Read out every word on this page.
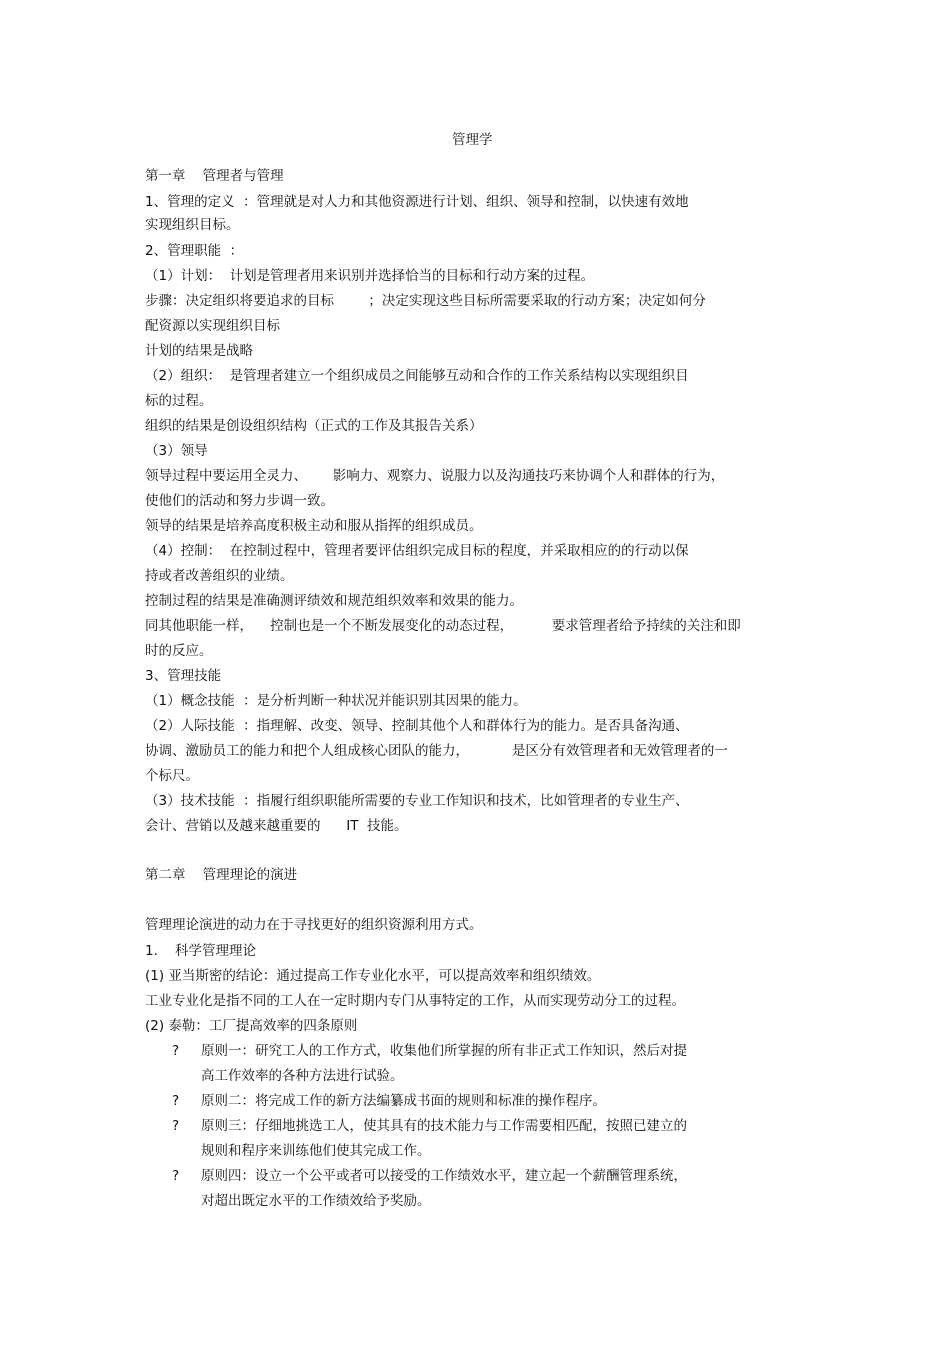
管理学
第一章    管理者与管理
1、管理的定义  ：管理就是对人力和其他资源进行计划、组织、领导和控制，以快速有效地
实现组织目标。
2、管理职能  ：
（1）计划：  计划是管理者用来识别并选择恰当的目标和行动方案的过程。
步骤：决定组织将要追求的目标        ；决定实现这些目标所需要采取的行动方案；决定如何分
配资源以实现组织目标
计划的结果是战略
（2）组织：  是管理者建立一个组织成员之间能够互动和合作的工作关系结构以实现组织目
标的过程。
组织的结果是创设组织结构（正式的工作及其报告关系）
（3）领导
领导过程中要运用全灵力、      影响力、观察力、说服力以及沟通技巧来协调个人和群体的行为，
使他们的活动和努力步调一致。
领导的结果是培养高度积极主动和服从指挥的组织成员。
（4）控制：  在控制过程中，管理者要评估组织完成目标的程度，并采取相应的的行动以保
持或者改善组织的业绩。
控制过程的结果是准确测评绩效和规范组织效率和效果的能力。
同其他职能一样，    控制也是一个不断发展变化的动态过程，         要求管理者给予持续的关注和即
时的反应。
3、管理技能
（1）概念技能  ：是分析判断一种状况并能识别其因果的能力。
（2）人际技能  ：指理解、改变、领导、控制其他个人和群体行为的能力。是否具备沟通、
协调、激励员工的能力和把个人组成核心团队的能力，          是区分有效管理者和无效管理者的一
个标尺。
（3）技术技能  ：指履行组织职能所需要的专业工作知识和技术，比如管理者的专业生产、
会计、营销以及越来越重要的      IT  技能。
第二章    管理理论的演进
管理理论演进的动力在于寻找更好的组织资源利用方式。
1.    科学管理理论
(1) 亚当斯密的结论：通过提高工作专业化水平，可以提高效率和组织绩效。
工业专业化是指不同的工人在一定时期内专门从事特定的工作，从而实现劳动分工的过程。
(2) 泰勒：工厂提高效率的四条原则
? 原则一：研究工人的工作方式，收集他们所掌握的所有非正式工作知识，然后对提
高工作效率的各种方法进行试验。
? 原则二：将完成工作的新方法编纂成书面的规则和标准的操作程序。
? 原则三：仔细地挑选工人，使其具有的技术能力与工作需要相匹配，按照已建立的
规则和程序来训练他们使其完成工作。
? 原则四：设立一个公平或者可以接受的工作绩效水平，建立起一个薪酬管理系统，
对超出既定水平的工作绩效给予奖励。
